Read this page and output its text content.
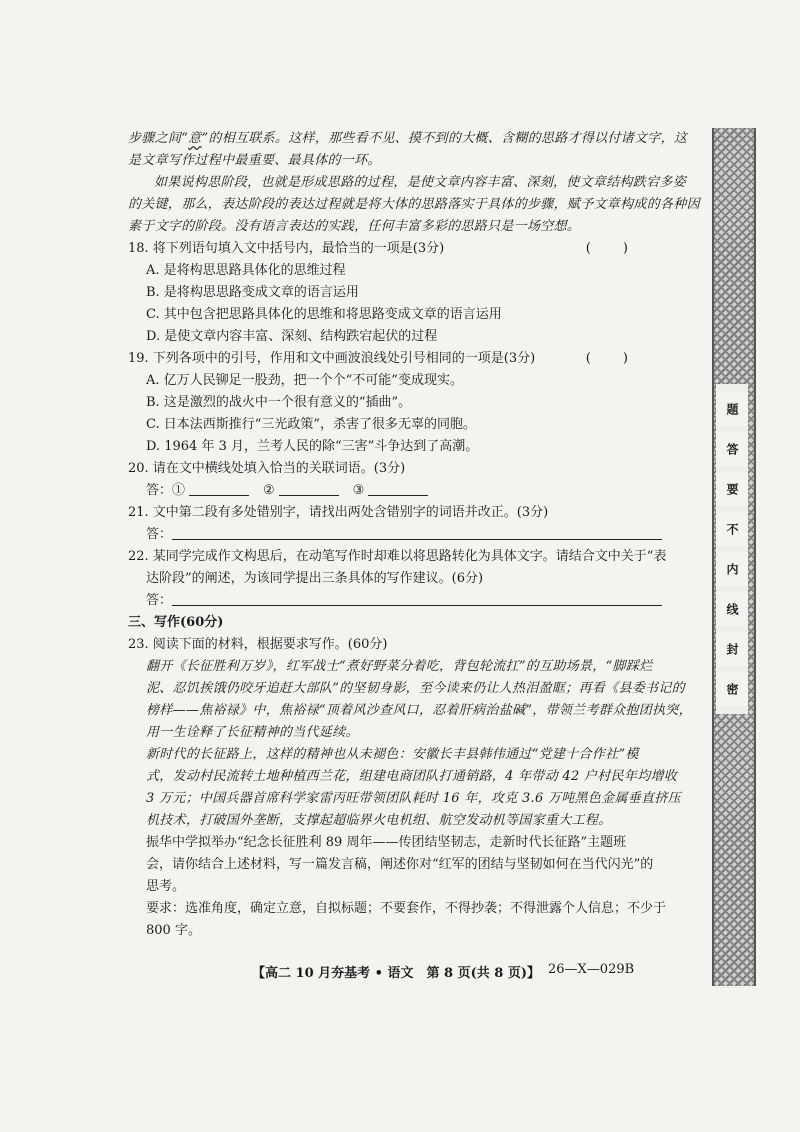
题
答
要
不
内
线
封
密
步骤之间“意”的相互联系。这样，那些看不见、摸不到的大概、含糊的思路才得以付诸文字，这
是文章写作过程中最重要、最具体的一环。
如果说构思阶段，也就是形成思路的过程，是使文章内容丰富、深刻，使文章结构跌宕多姿
的关键，那么，表达阶段的表达过程就是将大体的思路落实于具体的步骤，赋予文章构成的各种因
素于文字的阶段。没有语言表达的实践，任何丰富多彩的思路只是一场空想。
18. 将下列语句填入文中括号内，最恰当的一项是(3分)	( )
A. 是将构思思路具体化的思维过程
B. 是将构思思路变成文章的语言运用
C. 其中包含把思路具体化的思维和将思路变成文章的语言运用
D. 是使文章内容丰富、深刻、结构跌宕起伏的过程
19. 下列各项中的引号，作用和文中画波浪线处引号相同的一项是(3分)	( )
A. 亿万人民铆足一股劲，把一个个“不可能”变成现实。
B. 这是激烈的战火中一个很有意义的“插曲”。
C. 日本法西斯推行“三光政策”，杀害了很多无辜的同胞。
D. 1964 年 3 月，兰考人民的除“三害”斗争达到了高潮。
20. 请在文中横线处填入恰当的关联词语。(3分)
答：①	②	③
21. 文中第二段有多处错别字，请找出两处含错别字的词语并改正。(3分)
答：
22. 某同学完成作文构思后，在动笔写作时却难以将思路转化为具体文字。请结合文中关于“表
达阶段”的阐述，为该同学提出三条具体的写作建议。(6分)
答：
三、写作(60分)
23. 阅读下面的材料，根据要求写作。(60分)
翻开《长征胜利万岁》，红军战士“煮好野菜分着吃，背包轮流扛”的互助场景，“脚踩烂
泥、忍饥挨饿仍咬牙追赶大部队”的坚韧身影，至今读来仍让人热泪盈眶；再看《县委书记的
榜样——焦裕禄》中，焦裕禄“顶着风沙查风口，忍着肝病治盐碱”，带领兰考群众抱团执突，
用一生诠释了长征精神的当代延续。
新时代的长征路上，这样的精神也从未褪色：安徽长丰县韩伟通过“党建十合作社”模
式，发动村民流转土地种植西兰花，组建电商团队打通销路，4 年带动 42 户村民年均增收
3 万元；中国兵器首席科学家雷丙旺带领团队耗时 16 年，攻克 3.6 万吨黑色金属垂直挤压
机技术，打破国外垄断，支撑起超临界火电机组、航空发动机等国家重大工程。
振华中学拟举办“纪念长征胜利 89 周年——传团结坚韧志，走新时代长征路”主题班
会，请你结合上述材料，写一篇发言稿，阐述你对“红军的团结与坚韧如何在当代闪光”的
思考。
要求：选准角度，确定立意，自拟标题；不要套作，不得抄袭；不得泄露个人信息；不少于
800 字。
【高二 10 月夯基考 • 语文　第 8 页(共 8 页)】 26—X—029B
